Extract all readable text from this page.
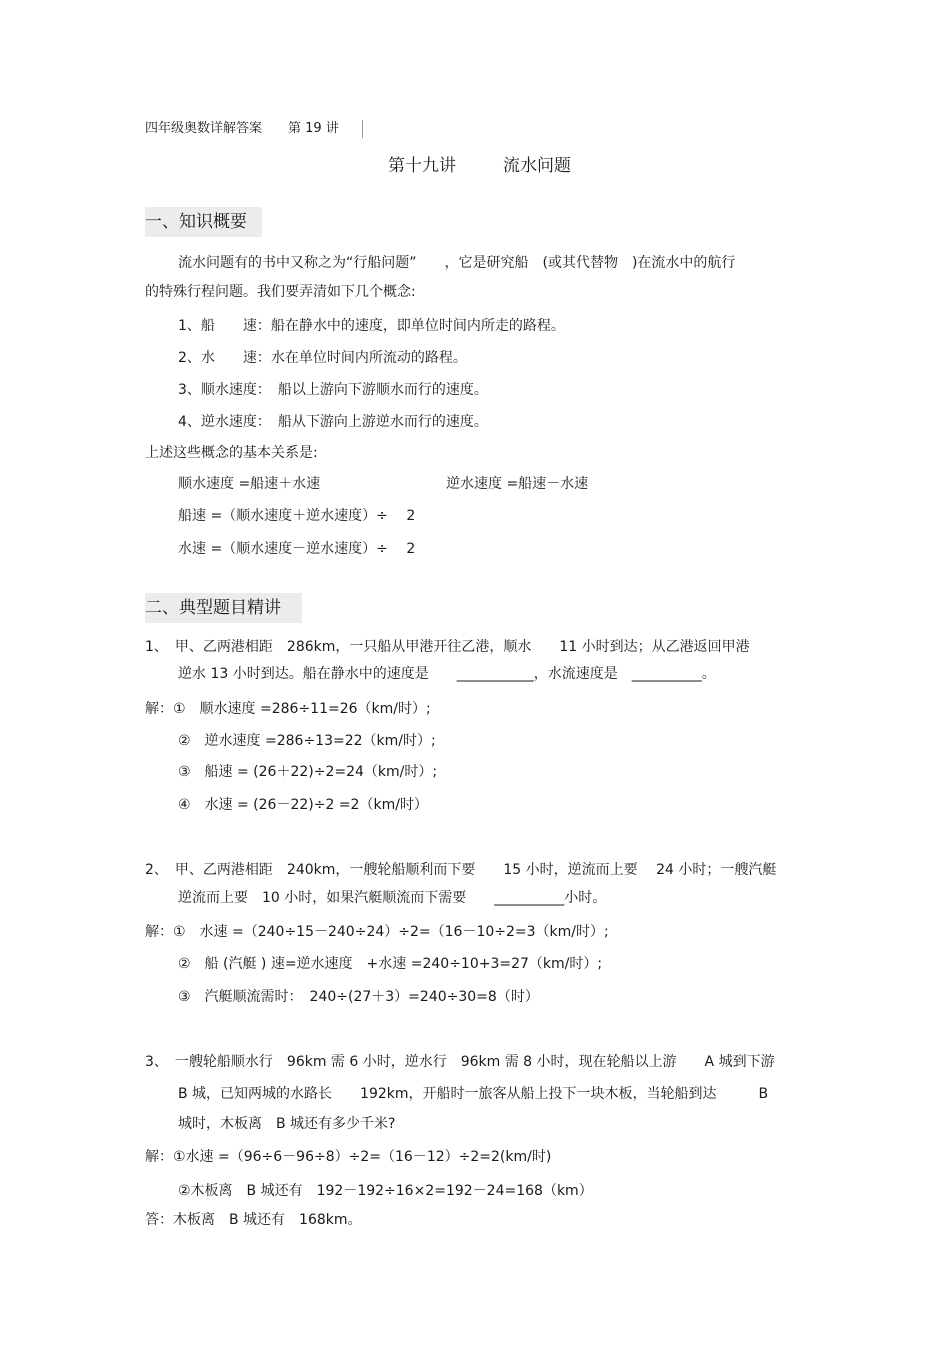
四年级奥数详解答案　　第 19 讲
第十九讲	流水问题
一、知识概要
流水问题有的书中又称之为“行船问题”　　，它是研究船　(或其代替物　)在流水中的航行
的特殊行程问题。我们要弄清如下几个概念:
1、船　　速：船在静水中的速度，即单位时间内所走的路程。
2、水　　速：水在单位时间内所流动的路程。
3、顺水速度：　船以上游向下游顺水而行的速度。
4、逆水速度：　船从下游向上游逆水而行的速度。
上述这些概念的基本关系是:
顺水速度 =船速＋水速	逆水速度 =船速－水速
船速 =（顺水速度＋逆水速度）÷　 2
水速 =（顺水速度－逆水速度）÷　 2
二、典型题目精讲
1、　甲、乙两港相距　286km，一只船从甲港开往乙港，顺水　　11 小时到达；从乙港返回甲港
逆水 13 小时到达。船在静水中的速度是　　___________，水流速度是　__________。
解：①　顺水速度 =286÷11=26（km/时）;
②　逆水速度 =286÷13=22（km/时）;
③　船速 = (26＋22)÷2=24（km/时）;
④　水速 = (26－22)÷2 =2（km/时）
2、　甲、乙两港相距　240km，一艘轮船顺利而下要　　15 小时，逆流而上要　 24 小时；一艘汽艇
逆流而上要　10 小时，如果汽艇顺流而下需要　　__________小时。
解：①　水速 =（240÷15－240÷24）÷2=（16－10÷2=3（km/时）;
②　船 (汽艇 ) 速=逆水速度　+水速 =240÷10+3=27（km/时）;
③　汽艇顺流需时：　240÷(27＋3）=240÷30=8（时）
3、　一艘轮船顺水行　96km 需 6 小时，逆水行　96km 需 8 小时，现在轮船以上游　　A 城到下游
B 城，已知两城的水路长　　192km，开船时一旅客从船上投下一块木板，当轮船到达　　　B
城时，木板离　B 城还有多少千米?
解：①水速 =（96÷6－96÷8）÷2=（16－12）÷2=2(km/时)
②木板离　B 城还有　192－192÷16×2=192－24=168（km）
答：木板离　B 城还有　168km。
